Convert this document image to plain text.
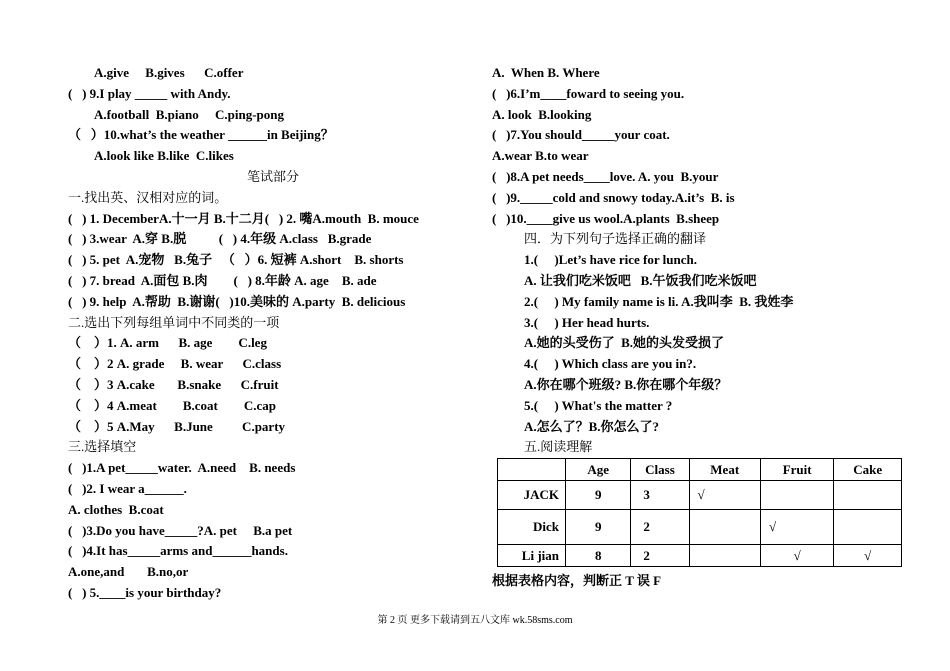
A.give     B.gives      C.offer
(   ) 9.I play _____ with Andy.
A.football  B.piano     C.ping-pong
（   ）10.what’s the weather ______in Beijing？
A.look like B.like  C.likes
笔试部分
一.找出英、汉相对应的词。
(   ) 1. DecemberA.十一月 B.十二月(   ) 2. 嘴A.mouth  B. mouce
(   ) 3.wear  A.穿 B.脱          (   ) 4.年级 A.class   B.grade
(   ) 5. pet  A.宠物   B.兔子   （   ）6. 短裤 A.short    B. shorts
(   ) 7. bread  A.面包 B.肉        (   ) 8.年龄 A. age    B. ade
(   ) 9. help  A.帮助  B.谢谢(   )10.美味的 A.party  B. delicious
二.选出下列每组单词中不同类的一项
（    ）1. A. arm      B. age        C.leg
（    ）2 A. grade     B. wear      C.class
（    ）3 A.cake       B.snake      C.fruit
（    ）4 A.meat        B.coat        C.cap
（    ）5 A.May      B.June         C.party
三.选择填空
(   )1.A pet_____water.  A.need    B. needs
(   )2. I wear a______.
A. clothes  B.coat
(   )3.Do you have_____?A. pet     B.a pet
(   )4.It has_____arms and______hands.
A.one,and       B.no,or
(   ) 5.____is your birthday?
A.  When B. Where
(   )6.I’m____foward to seeing you.
A. look  B.looking
(   )7.You should_____your coat.
A.wear B.to wear
(   )8.A pet needs____love. A. you  B.your
(   )9._____cold and snowy today.A.it’s  B. is
(   )10.____give us wool.A.plants  B.sheep
四．为下列句子选择正确的翻译
1.(     )Let’s have rice for lunch.
A. 让我们吃米饭吧   B.午饭我们吃米饭吧
2.(     ) My family name is li. A.我叫李  B. 我姓李
3.(     ) Her head hurts.
A.她的头受伤了  B.她的头发受损了
4.(     ) Which class are you in?.
A.你在哪个班级? B.你在哪个年级？
5.(     ) What's the matter ?
A.怎么了？B.你怎么了?
五.阅读理解
	Age	Class	Meat	Fruit	Cake
JACK	9	3	√		
Dick	9	2		√	
Li jian	8	2		√	√
根据表格内容，判断正 T 误 F
第 2 页 更多下载请到五八文库 wk.58sms.com
